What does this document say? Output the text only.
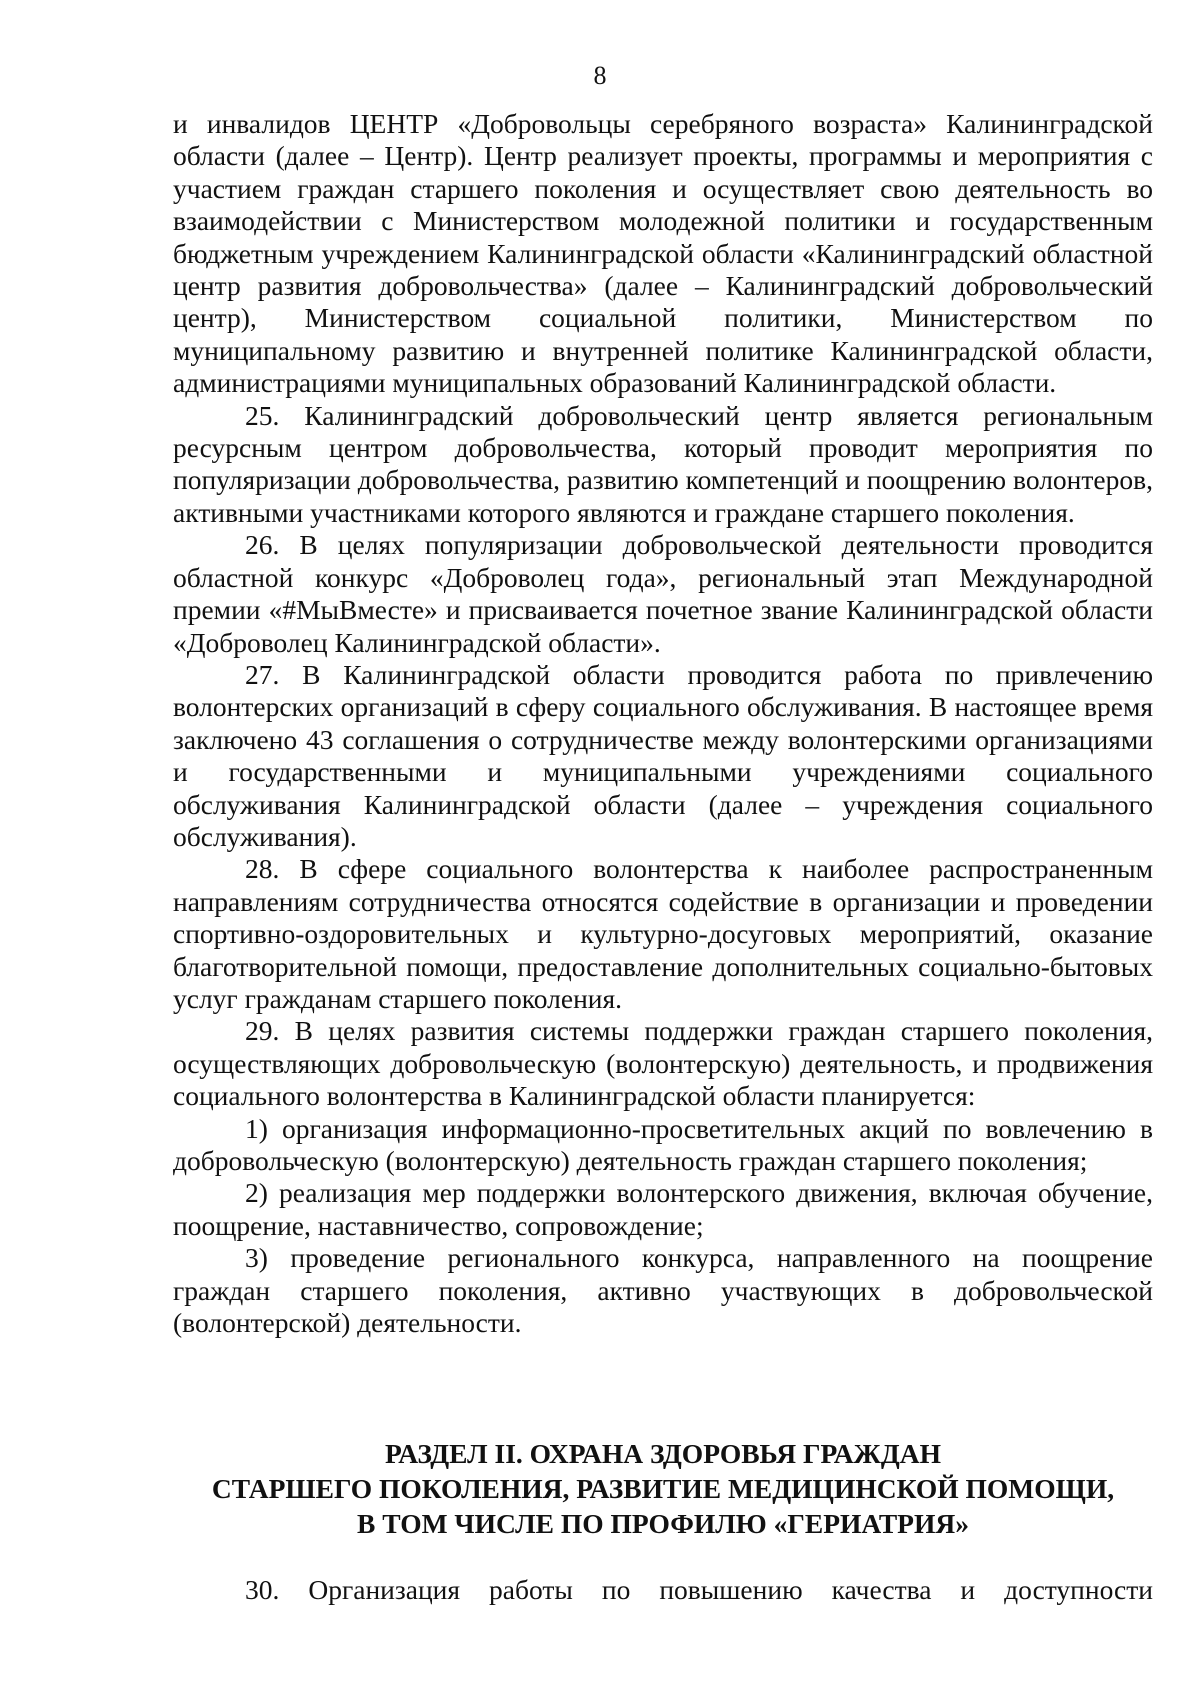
8

и инвалидов ЦЕНТР «Добровольцы серебряного возраста» Калининградской области (далее – Центр). Центр реализует проекты, программы и мероприятия с участием граждан старшего поколения и осуществляет свою деятельность во взаимодействии с Министерством молодежной политики и государственным бюджетным учреждением Калининградской области «Калининградский областной центр развития добровольчества» (далее – Калининградский добровольческий центр), Министерством социальной политики, Министерством по муниципальному развитию и внутренней политике Калининградской области, администрациями муниципальных образований Калининградской области.

25. Калининградский добровольческий центр является региональным ресурсным центром добровольчества, который проводит мероприятия по популяризации добровольчества, развитию компетенций и поощрению волонтеров, активными участниками которого являются и граждане старшего поколения.

26. В целях популяризации добровольческой деятельности проводится областной конкурс «Доброволец года», региональный этап Международной премии «#МыВместе» и присваивается почетное звание Калининградской области «Доброволец Калининградской области».

27. В Калининградской области проводится работа по привлечению волонтерских организаций в сферу социального обслуживания. В настоящее время заключено 43 соглашения о сотрудничестве между волонтерскими организациями и государственными и муниципальными учреждениями социального обслуживания Калининградской области (далее – учреждения социального обслуживания).

28. В сфере социального волонтерства к наиболее распространенным направлениям сотрудничества относятся содействие в организации и проведении спортивно-оздоровительных и культурно-досуговых мероприятий, оказание благотворительной помощи, предоставление дополнительных социально-бытовых услуг гражданам старшего поколения.

29. В целях развития системы поддержки граждан старшего поколения, осуществляющих добровольческую (волонтерскую) деятельность, и продвижения социального волонтерства в Калининградской области планируется:

1) организация информационно-просветительных акций по вовлечению в добровольческую (волонтерскую) деятельность граждан старшего поколения;

2) реализация мер поддержки волонтерского движения, включая обучение, поощрение, наставничество, сопровождение;

3) проведение регионального конкурса, направленного на поощрение граждан старшего поколения, активно участвующих в добровольческой (волонтерской) деятельности.

РАЗДЕЛ II. ОХРАНА ЗДОРОВЬЯ ГРАЖДАН
СТАРШЕГО ПОКОЛЕНИЯ, РАЗВИТИЕ МЕДИЦИНСКОЙ ПОМОЩИ,
В ТОМ ЧИСЛЕ ПО ПРОФИЛЮ «ГЕРИАТРИЯ»

30. Организация работы по повышению качества и доступности
